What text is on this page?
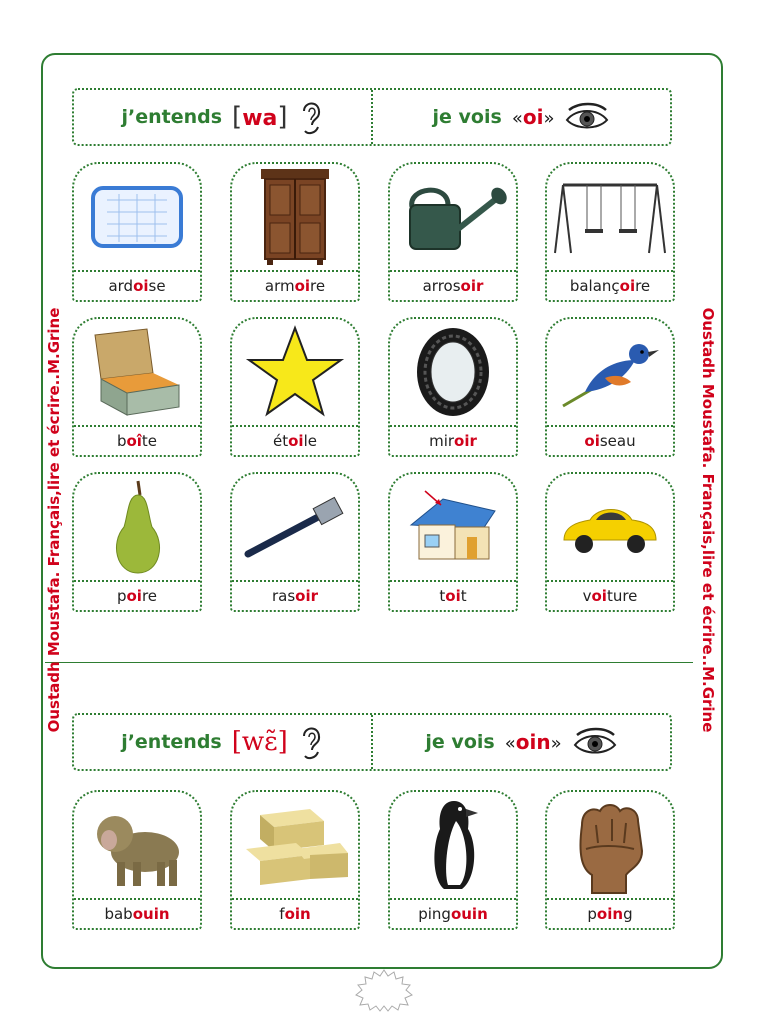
Oustadh Moustafa. Français,lire et écrire..M.Grine	Oustadh Moustafa. Français,lire et écrire..M.Grine
j’entends [wa]	je vois «oi»
ardoise	armoire	arrosoir	balançoire
boîte	étoile	miroir	oiseau
poire	rasoir	toit	voiture
j’entends [wɛ̃]	je vois «oin»
babouin	foin	pingouin	poing
